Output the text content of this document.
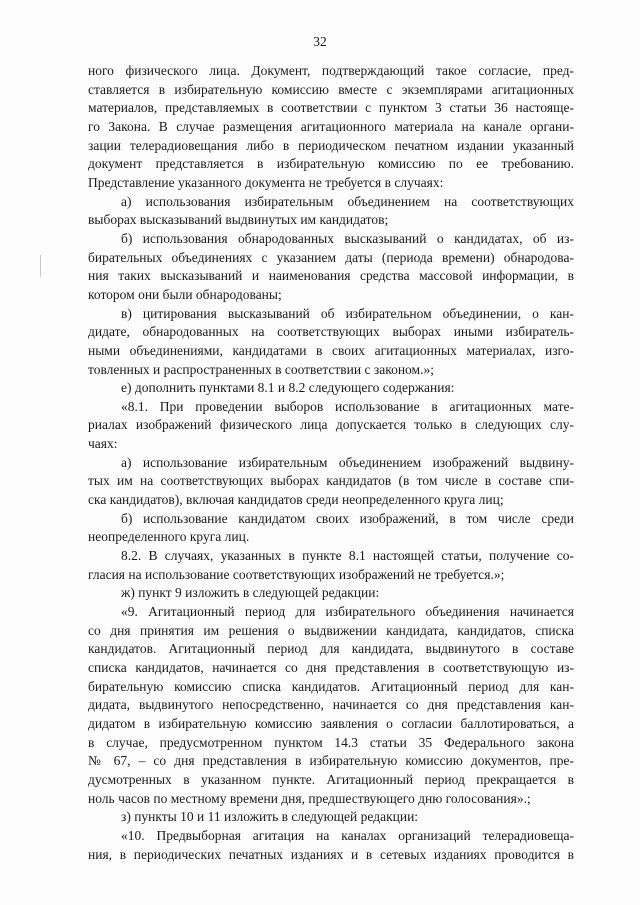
32
ного физического лица. Документ, подтверждающий такое согласие, пред-
ставляется в избирательную комиссию вместе с экземплярами агитационных
материалов, представляемых в соответствии с пунктом 3 статьи 36 настояще-
го Закона. В случае размещения агитационного материала на канале органи-
зации телерадиовещания либо в периодическом печатном издании указанный
документ представляется в избирательную комиссию по ее требованию.
Представление указанного документа не требуется в случаях:
а) использования избирательным объединением на соответствующих
выборах высказываний выдвинутых им кандидатов;
б) использования обнародованных высказываний о кандидатах, об из-
бирательных объединениях с указанием даты (периода времени) обнародова-
ния таких высказываний и наименования средства массовой информации, в
котором они были обнародованы;
в) цитирования высказываний об избирательном объединении, о кан-
дидате, обнародованных на соответствующих выборах иными избиратель-
ными объединениями, кандидатами в своих агитационных материалах, изго-
товленных и распространенных в соответствии с законом.»;
е) дополнить пунктами 8.1 и 8.2 следующего содержания:
«8.1. При проведении выборов использование в агитационных мате-
риалах изображений физического лица допускается только в следующих слу-
чаях:
а) использование избирательным объединением изображений выдвину-
тых им на соответствующих выборах кандидатов (в том числе в составе спи-
ска кандидатов), включая кандидатов среди неопределенного круга лиц;
б) использование кандидатом своих изображений, в том числе среди
неопределенного круга лиц.
8.2. В случаях, указанных в пункте 8.1 настоящей статьи, получение со-
гласия на использование соответствующих изображений не требуется.»;
ж) пункт 9 изложить в следующей редакции:
«9. Агитационный период для избирательного объединения начинается
со дня принятия им решения о выдвижении кандидата, кандидатов, списка
кандидатов. Агитационный период для кандидата, выдвинутого в составе
списка кандидатов, начинается со дня представления в соответствующую из-
бирательную комиссию списка кандидатов. Агитационный период для кан-
дидата, выдвинутого непосредственно, начинается со дня представления кан-
дидатом в избирательную комиссию заявления о согласии баллотироваться, а
в случае, предусмотренном пунктом 14.3 статьи 35 Федерального закона
№ 67, – со дня представления в избирательную комиссию документов, пре-
дусмотренных в указанном пункте. Агитационный период прекращается в
ноль часов по местному времени дня, предшествующего дню голосования».;
з) пункты 10 и 11 изложить в следующей редакции:
«10. Предвыборная агитация на каналах организаций телерадиовеща-
ния, в периодических печатных изданиях и в сетевых изданиях проводится в
